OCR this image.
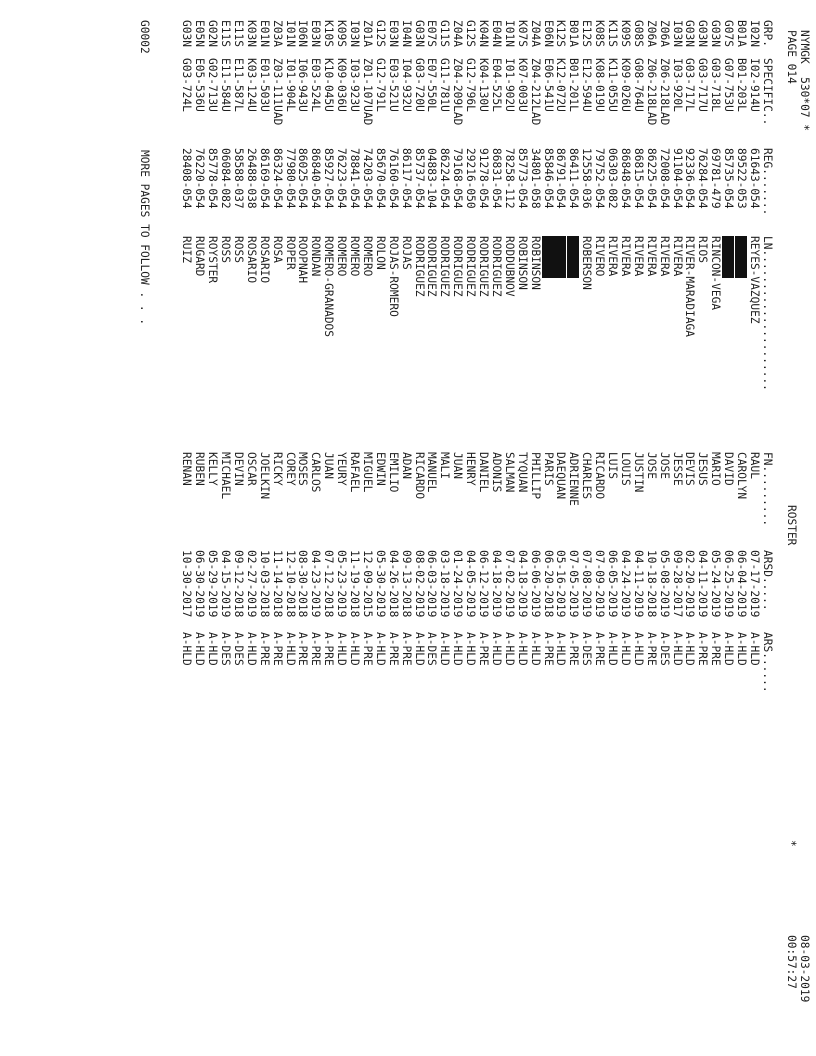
NYMGK  530*07 *
PAGE 014
ROSTER
*
08-03-2019
00:57:27

GRP.

SPECIFIC..

REG.......

LN.....................

FN.........

ARSD.....

ARS......

I02N
I02-914U
61643-054
REYES-VAZQUEZ
RAUL
07-17-2019
A-HLD
B01A
B01-203L
89522-053
CAROLYN
06-04-2019
A-HLD
G07S
G07-753U
85735-054
DAVID
06-25-2019
A-HLD
G03N
G03-718L
69781-479
RINCON-VEGA
MARIO
05-24-2019
A-PRE
G03N
G03-717U
76284-054
RIOS
JESUS
04-11-2019
A-PRE
G03N
G03-717L
92336-054
RIVER-MARADIAGA
DEVIS
02-20-2019
A-HLD
I03N
I03-920L
91104-054
RIVERA
JESSE
09-28-2017
A-HLD
Z06A
Z06-218LAD
72008-054
RIVERA
JOSE
05-08-2019
A-DES
Z06A
Z06-218LAD
86225-054
RIVERA
JOSE
10-18-2018
A-PRE
G08S
G08-764U
86815-054
RIVERA
JUSTIN
04-11-2019
A-HLD
K09S
K09-026U
86848-054
RIVERA
LOUIS
04-24-2019
A-HLD
K11S
K11-055U
06303-082
RIVERA
LUIS
06-05-2019
A-HLD
K08S
K08-019U
79752-054
RIVERO
RICARDO
07-09-2019
A-PRE
E12S
E12-594U
12558-036
ROBERSON
CHARLES
07-08-2019
A-DES
B01A
B01-201L
86411-054
ADRIENNE
07-05-2019
A-PRE
K12S
K12-072U
86791-054
DAEQUAN
05-16-2019
A-HLD
E06N
E06-541U
85846-054
PARIS
06-20-2018
A-PRE
Z04A
Z04-212LAD
34801-058
ROBINSON
PHILLIP
06-06-2019
A-HLD
K07S
K07-003U
85773-054
ROBINSON
TYQUAN
04-18-2019
A-HLD
I01N
I01-902U
78258-112
RODDUBNOV
SALMAN
07-02-2019
A-HLD
E04N
E04-525L
86831-054
RODRIGUEZ
ADONIS
04-18-2019
A-HLD
K04N
K04-130U
91278-054
RODRIGUEZ
DANIEL
06-12-2019
A-PRE
G12S
G12-796L
29216-050
RODRIGUEZ
HENRY
04-05-2019
A-HLD
Z04A
Z04-209LAD
79168-054
RODRIGUEZ
JUAN
01-24-2019
A-HLD
G11S
G11-781U
86224-054
RODRIGUEZ
MALI
03-18-2019
A-HLD
E07S
E07-550L
04883-104
RODRIGUEZ
MANUEL
06-03-2019
A-DES
G03N
G03-720U
85737-054
RODRIGUEZ
RICARDO
08-02-2019
A-HLD
I04N
I04-932U
86117-054
ROJAS
ADAN
09-13-2018
A-PRE
E03N
E03-521U
76160-054
ROJAS-ROMERO
EMILIO
04-26-2018
A-PRE
G12S
G12-791L
85670-054
ROLON
EDWIN
05-30-2019
A-HLD
Z01A
Z01-107UAD
74203-054
ROMERO
MIGUEL
12-09-2015
A-PRE
I03N
I03-923U
78841-054
ROMERO
RAFAEL
11-19-2018
A-HLD
K09S
K09-036U
76223-054
ROMERO
YEURY
05-23-2019
A-HLD
K10S
K10-045U
85927-054
ROMERO-GRANADOS
JUAN
07-12-2018
A-PRE
E03N
E03-524L
86840-054
RONDAN
CARLOS
04-23-2019
A-PRE
I06N
I06-943U
86025-054
ROOPNAH
MOSES
08-30-2018
A-PRE
I01N
I01-904L
77980-054
ROPER
COREY
12-10-2018
A-HLD
Z03A
Z03-111UAD
86324-054
ROSA
RICKY
11-14-2018
A-PRE
E01N
E01-503U
86169-054
ROSARIO
JOELKIN
10-03-2018
A-PRE
K03N
K03-124U
26488-038
ROSARIO
OSCAR
02-27-2019
A-HLD
E11S
E11-587L
58588-037
ROSS
DEVIN
09-12-2018
A-DES
E11S
E11-584U
06084-082
ROSS
MICHAEL
04-15-2019
A-DES
G02N
G02-713U
85778-054
ROYSTER
KELLY
05-29-2019
A-HLD
E05N
E05-536U
76220-054
RUGARD
RUBEN
06-30-2019
A-HLD
G03N
G03-724L
28408-054
RUIZ
RENAN
10-30-2017
A-HLD
G0002
MORE PAGES TO FOLLOW . . .
